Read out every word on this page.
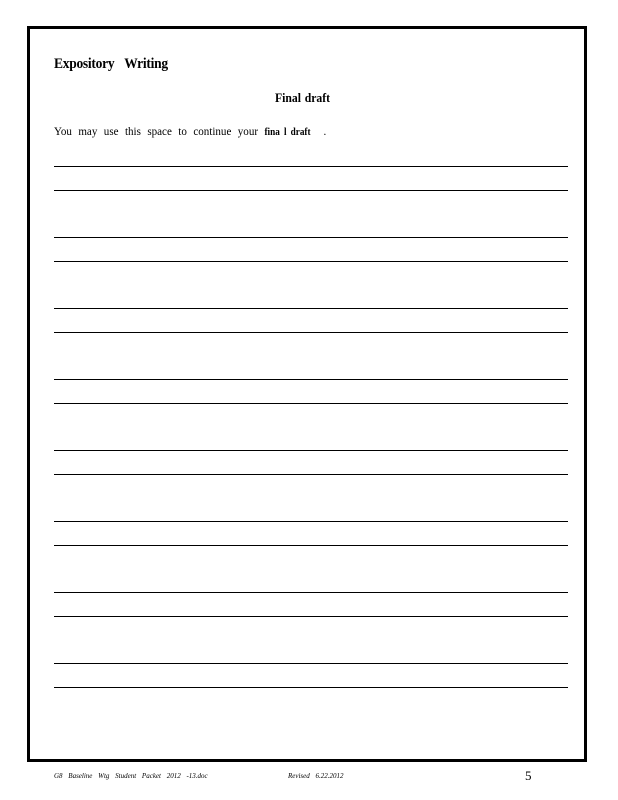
Expository Writing
Final draft
You may use this space to continue your fina l draft .
G8 Baseline Wtg Student Packet 2012 -13.doc	Revised 6.22.2012	5
